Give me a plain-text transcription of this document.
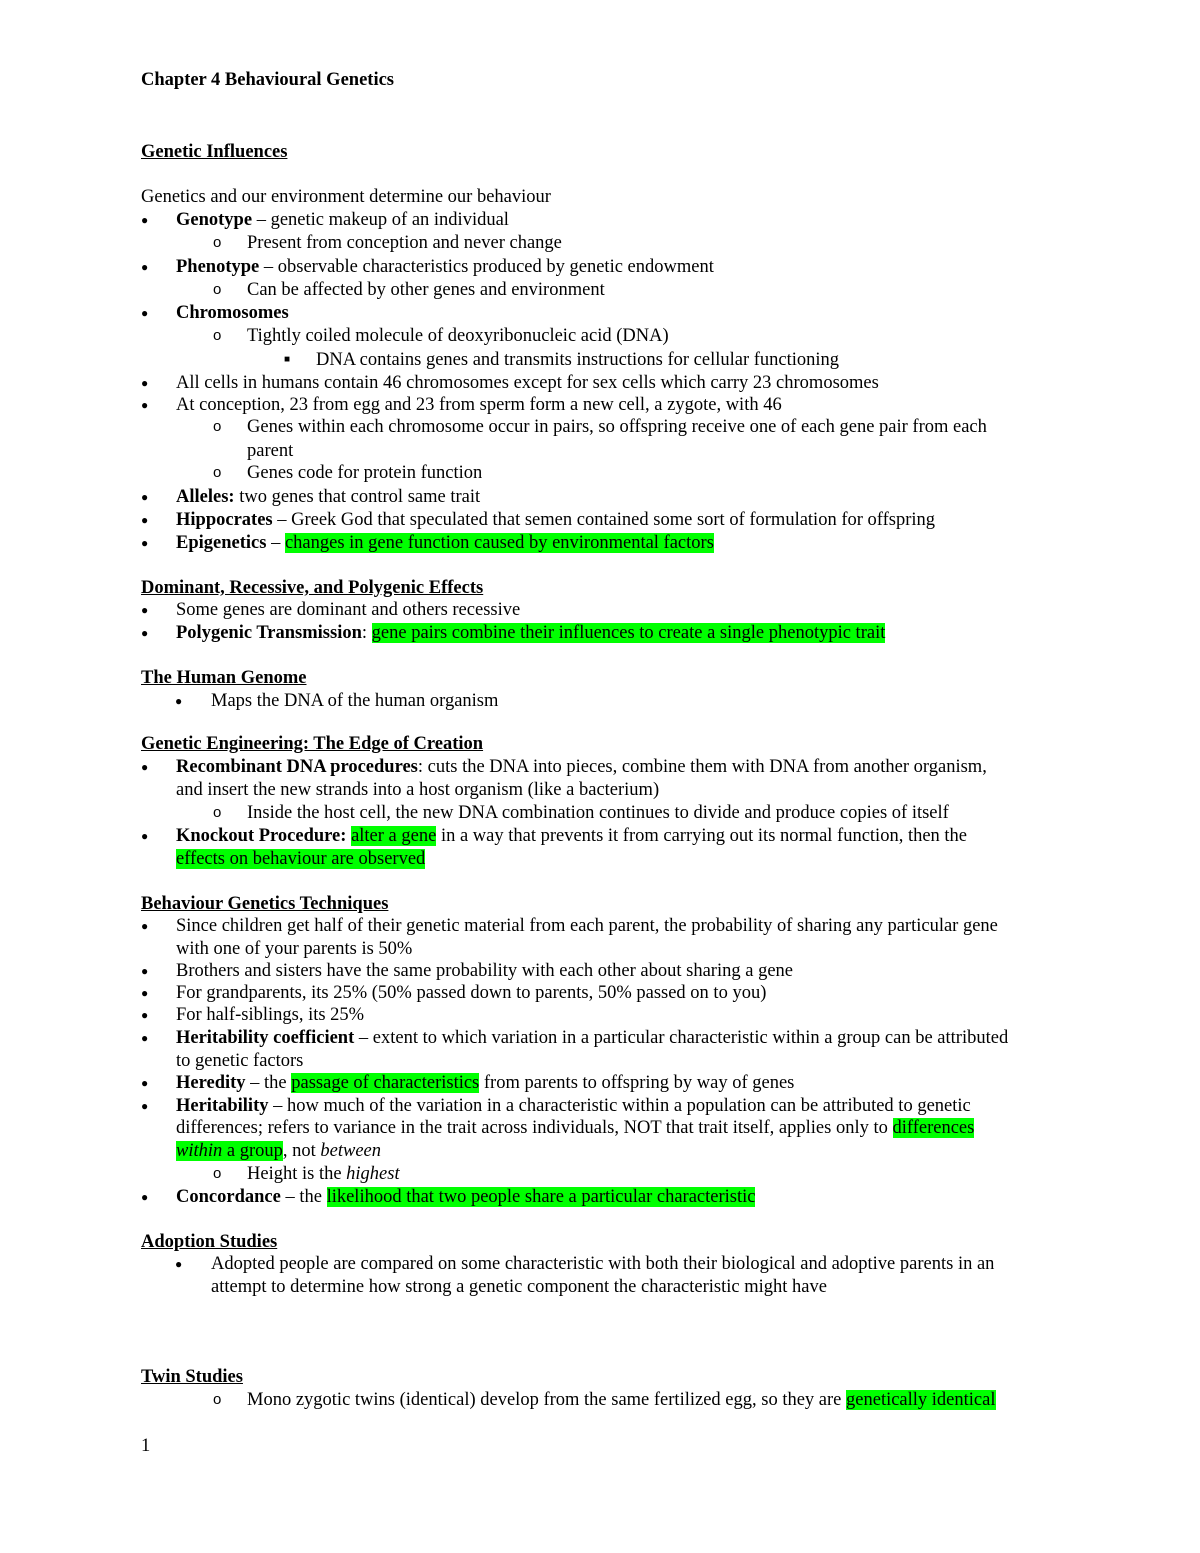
Chapter 4 Behavioural Genetics
Genetic Influences
Genetics and our environment determine our behaviour
● Genotype – genetic makeup of an individual
o Present from conception and never change
● Phenotype – observable characteristics produced by genetic endowment
o Can be affected by other genes and environment
● Chromosomes
o Tightly coiled molecule of deoxyribonucleic acid (DNA)
■ DNA contains genes and transmits instructions for cellular functioning
● All cells in humans contain 46 chromosomes except for sex cells which carry 23 chromosomes
● At conception, 23 from egg and 23 from sperm form a new cell, a zygote, with 46
o Genes within each chromosome occur in pairs, so offspring receive one of each gene pair from each
parent
o Genes code for protein function
● Alleles: two genes that control same trait
● Hippocrates – Greek God that speculated that semen contained some sort of formulation for offspring
● Epigenetics – changes in gene function caused by environmental factors
Dominant, Recessive, and Polygenic Effects
● Some genes are dominant and others recessive
● Polygenic Transmission: gene pairs combine their influences to create a single phenotypic trait
The Human Genome
● Maps the DNA of the human organism
Genetic Engineering: The Edge of Creation
● Recombinant DNA procedures: cuts the DNA into pieces, combine them with DNA from another organism,
and insert the new strands into a host organism (like a bacterium)
o Inside the host cell, the new DNA combination continues to divide and produce copies of itself
● Knockout Procedure: alter a gene in a way that prevents it from carrying out its normal function, then the
effects on behaviour are observed
Behaviour Genetics Techniques
● Since children get half of their genetic material from each parent, the probability of sharing any particular gene
with one of your parents is 50%
● Brothers and sisters have the same probability with each other about sharing a gene
● For grandparents, its 25% (50% passed down to parents, 50% passed on to you)
● For half-siblings, its 25%
● Heritability coefficient – extent to which variation in a particular characteristic within a group can be attributed
to genetic factors
● Heredity – the passage of characteristics from parents to offspring by way of genes
● Heritability – how much of the variation in a characteristic within a population can be attributed to genetic
differences; refers to variance in the trait across individuals, NOT that trait itself, applies only to differences
within a group, not between
o Height is the highest
● Concordance – the likelihood that two people share a particular characteristic
Adoption Studies
● Adopted people are compared on some characteristic with both their biological and adoptive parents in an
attempt to determine how strong a genetic component the characteristic might have
Twin Studies
o Mono zygotic twins (identical) develop from the same fertilized egg, so they are genetically identical
1
